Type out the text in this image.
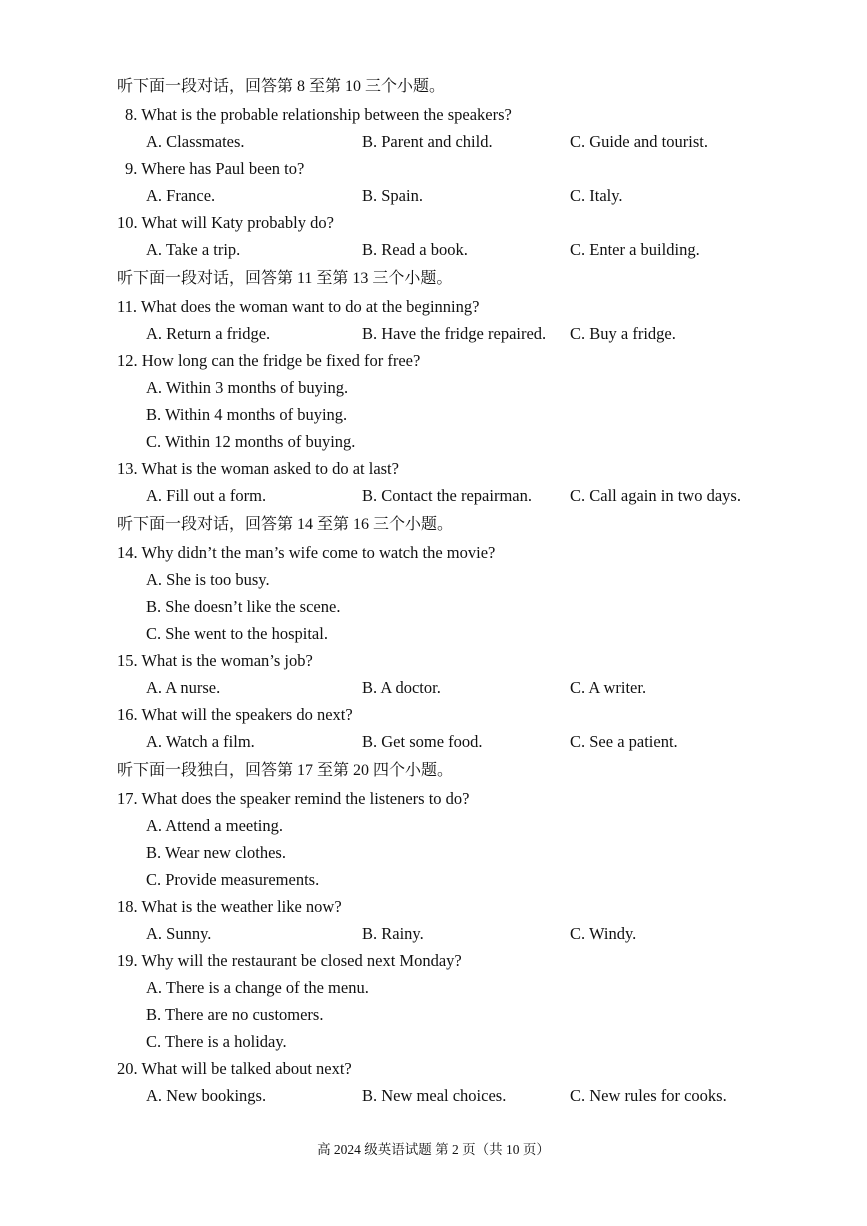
听下面一段对话，回答第 8 至第 10 三个小题。
8. What is the probable relationship between the speakers?
A. Classmates.	B. Parent and child.	C. Guide and tourist.
9. Where has Paul been to?
A. France.	B. Spain.	C. Italy.
10. What will Katy probably do?
A. Take a trip.	B. Read a book.	C. Enter a building.
听下面一段对话，回答第 11 至第 13 三个小题。
11. What does the woman want to do at the beginning?
A. Return a fridge.	B. Have the fridge repaired. C. Buy a fridge.
12. How long can the fridge be fixed for free?
A. Within 3 months of buying.
B. Within 4 months of buying.
C. Within 12 months of buying.
13. What is the woman asked to do at last?
A. Fill out a form.	B. Contact the repairman. C. Call again in two days.
听下面一段对话，回答第 14 至第 16 三个小题。
14. Why didn’t the man’s wife come to watch the movie?
A. She is too busy.
B. She doesn’t like the scene.
C. She went to the hospital.
15. What is the woman’s job?
A. A nurse.	B. A doctor.	C. A writer.
16. What will the speakers do next?
A. Watch a film.	B. Get some food.	C. See a patient.
听下面一段独白，回答第 17 至第 20 四个小题。
17. What does the speaker remind the listeners to do?
A. Attend a meeting.
B. Wear new clothes.
C. Provide measurements.
18. What is the weather like now?
A. Sunny.	B. Rainy.	C. Windy.
19. Why will the restaurant be closed next Monday?
A. There is a change of the menu.
B. There are no customers.
C. There is a holiday.
20. What will be talked about next?
A. New bookings.	B. New meal choices.	C. New rules for cooks.
高 2024 级英语试题 第 2 页（共 10 页）
